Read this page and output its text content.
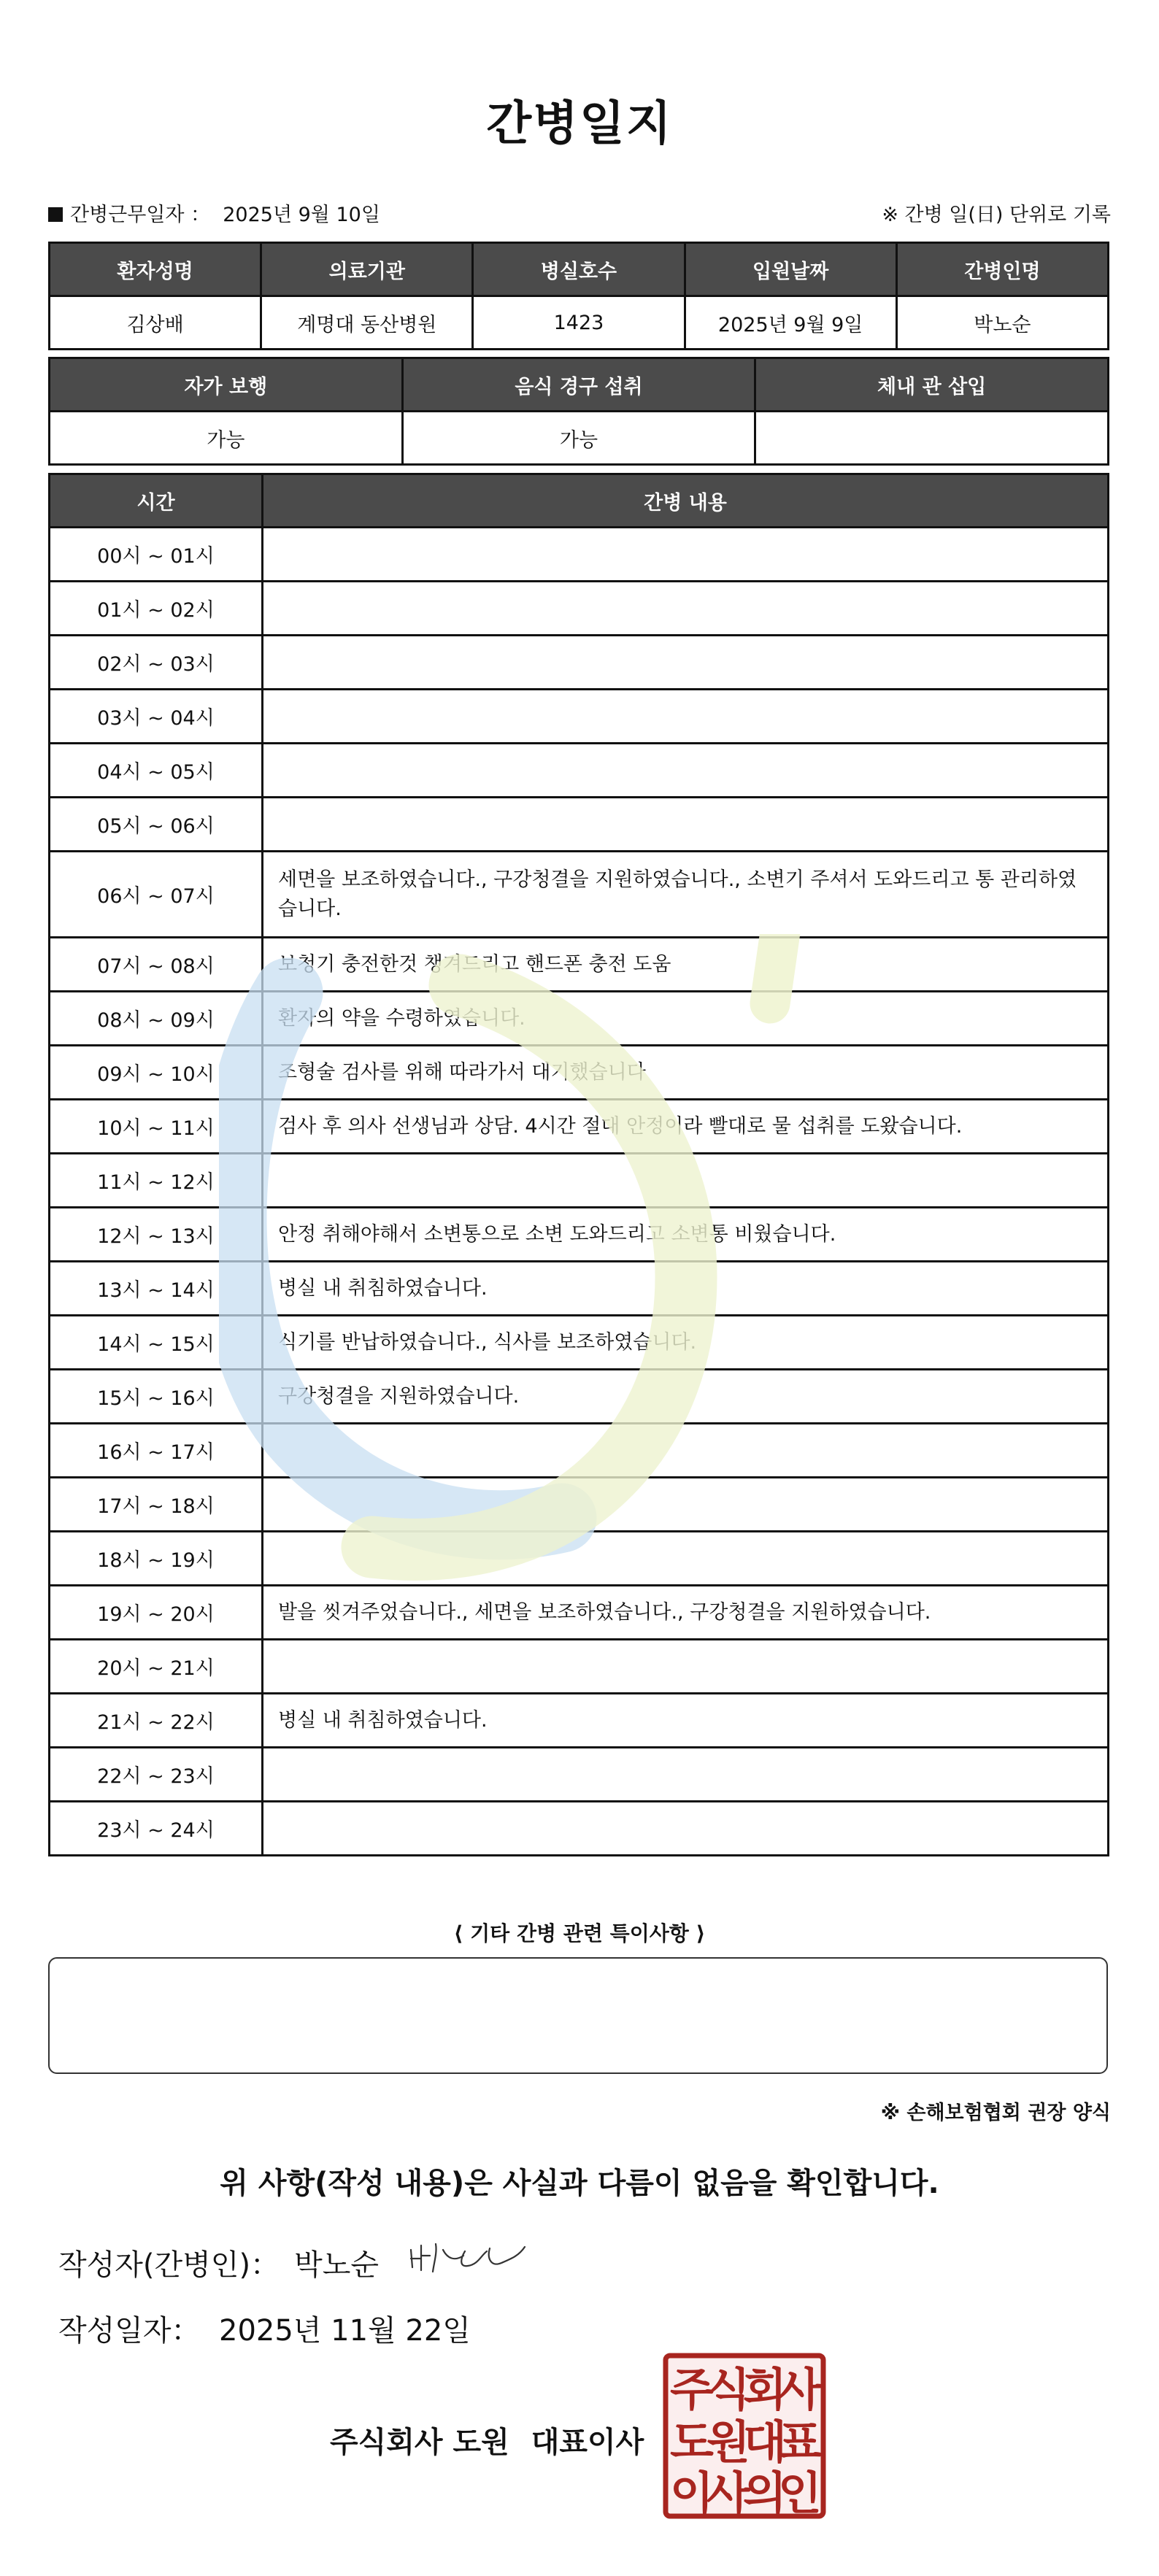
간병일지
간병근무일자 ： 2025년 9월 10일	※ 간병 일(日) 단위로 기록
환자성명	의료기관	병실호수	입원날짜	간병인명
김상배	계명대 동산병원	1423	2025년 9월 9일	박노순
자가 보행	음식 경구 섭취	체내 관 삽입
가능	가능	
시간	간병 내용
00시 ~ 01시	
01시 ~ 02시	
02시 ~ 03시	
03시 ~ 04시	
04시 ~ 05시	
05시 ~ 06시	
06시 ~ 07시	세면을 보조하였습니다., 구강청결을 지원하였습니다., 소변기 주셔서 도와드리고 통 관리하였습니다.
07시 ~ 08시	보청기 충전한것 챙겨드리고 핸드폰 충전 도움
08시 ~ 09시	환자의 약을 수령하였습니다.
09시 ~ 10시	조형술 검사를 위해 따라가서 대기했습니다
10시 ~ 11시	검사 후 의사 선생님과 상담. 4시간 절대 안정이라 빨대로 물 섭취를 도왔습니다.
11시 ~ 12시	
12시 ~ 13시	안정 취해야해서 소변통으로 소변 도와드리고 소변통 비웠습니다.
13시 ~ 14시	병실 내 취침하였습니다.
14시 ~ 15시	식기를 반납하였습니다., 식사를 보조하였습니다.
15시 ~ 16시	구강청결을 지원하였습니다.
16시 ~ 17시	
17시 ~ 18시	
18시 ~ 19시	
19시 ~ 20시	발을 씻겨주었습니다., 세면을 보조하였습니다., 구강청결을 지원하였습니다.
20시 ~ 21시	
21시 ~ 22시	병실 내 취침하였습니다.
22시 ~ 23시	
23시 ~ 24시	
⟨ 기타 간병 관련 특이사항 ⟩
※ 손해보험협회 권장 양식
위 사항(작성 내용)은 사실과 다름이 없음을 확인합니다.
작성자(간병인)： 박노순
작성일자： 2025년 11월 22일
주식회사 도원 대표이사
주
식
회
사
도
원
대
표
이
사
의
인
